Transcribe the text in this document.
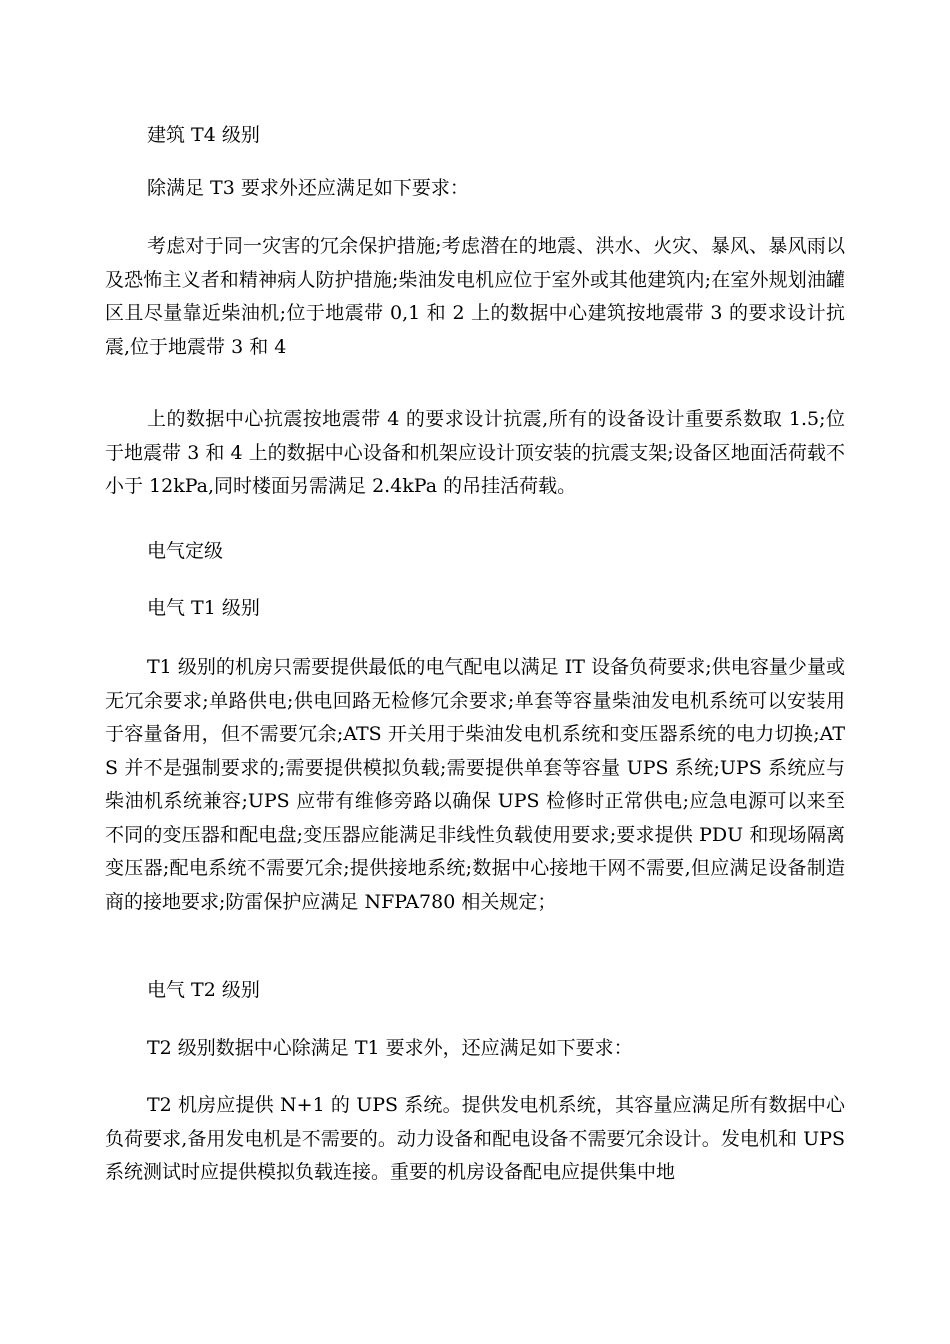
建筑 T4 级别

除满足 T3 要求外还应满足如下要求：

考虑对于同一灾害的冗余保护措施;考虑潜在的地震、洪水、火灾、暴风、暴风雨以及恐怖主义者和精神病人防护措施;柴油发电机应位于室外或其他建筑内;在室外规划油罐区且尽量靠近柴油机;位于地震带 0,1 和 2 上的数据中心建筑按地震带 3 的要求设计抗震,位于地震带 3 和 4

上的数据中心抗震按地震带 4 的要求设计抗震,所有的设备设计重要系数取 1.5;位于地震带 3 和 4 上的数据中心设备和机架应设计顶安装的抗震支架;设备区地面活荷载不小于 12kPa,同时楼面另需满足 2.4kPa 的吊挂活荷载。

电气定级

电气 T1 级别

T1 级别的机房只需要提供最低的电气配电以满足 IT 设备负荷要求;供电容量少量或无冗余要求;单路供电;供电回路无检修冗余要求;单套等容量柴油发电机系统可以安装用于容量备用，但不需要冗余;ATS 开关用于柴油发电机系统和变压器系统的电力切换;ATS 并不是强制要求的;需要提供模拟负载;需要提供单套等容量 UPS 系统;UPS 系统应与柴油机系统兼容;UPS 应带有维修旁路以确保 UPS 检修时正常供电;应急电源可以来至不同的变压器和配电盘;变压器应能满足非线性负载使用要求;要求提供 PDU 和现场隔离变压器;配电系统不需要冗余;提供接地系统;数据中心接地干网不需要,但应满足设备制造商的接地要求;防雷保护应满足 NFPA780 相关规定；

电气 T2 级别

T2 级别数据中心除满足 T1 要求外，还应满足如下要求：

T2 机房应提供 N+1 的 UPS 系统。提供发电机系统，其容量应满足所有数据中心负荷要求,备用发电机是不需要的。动力设备和配电设备不需要冗余设计。发电机和 UPS 系统测试时应提供模拟负载连接。重要的机房设备配电应提供集中地
